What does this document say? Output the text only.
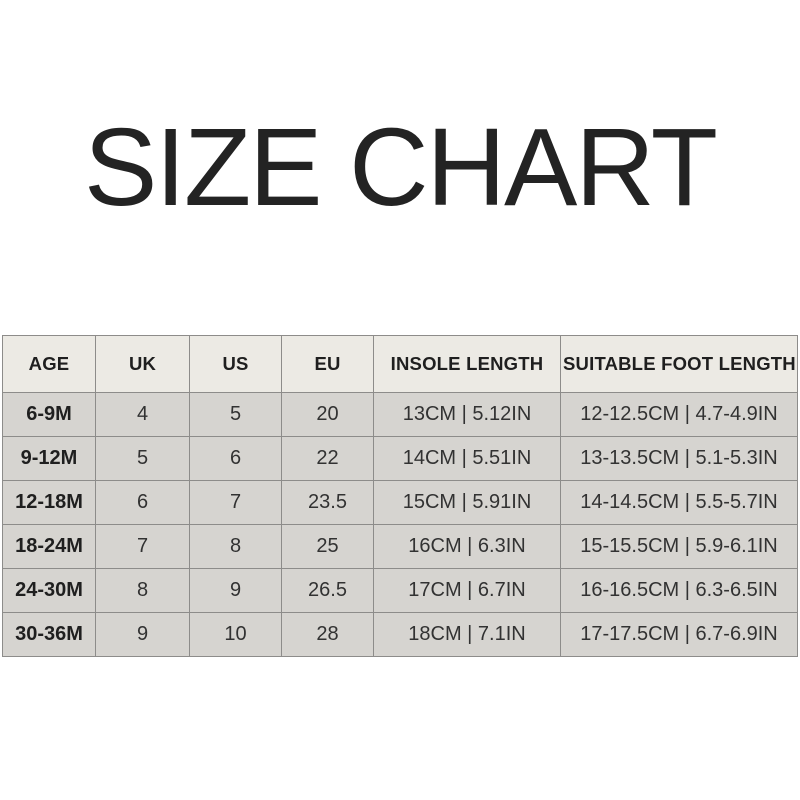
SIZE CHART
AGE	UK	US	EU	INSOLE LENGTH	SUITABLE FOOT LENGTH
6-9M	4	5	20	13CM | 5.12IN	12-12.5CM | 4.7-4.9IN
9-12M	5	6	22	14CM | 5.51IN	13-13.5CM | 5.1-5.3IN
12-18M	6	7	23.5	15CM | 5.91IN	14-14.5CM | 5.5-5.7IN
18-24M	7	8	25	16CM | 6.3IN	15-15.5CM | 5.9-6.1IN
24-30M	8	9	26.5	17CM | 6.7IN	16-16.5CM | 6.3-6.5IN
30-36M	9	10	28	18CM | 7.1IN	17-17.5CM | 6.7-6.9IN
